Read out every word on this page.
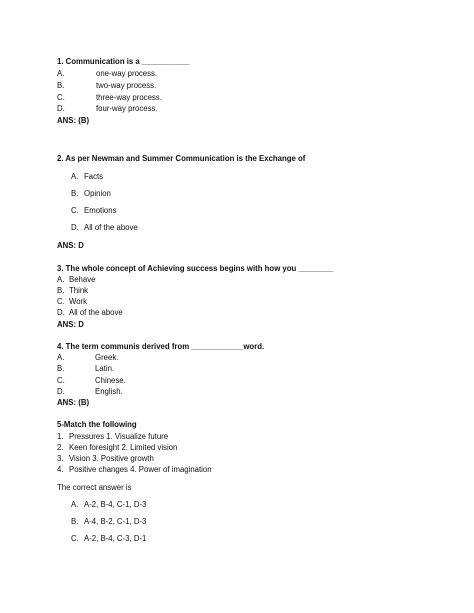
1. Communication is a ___________
A.	one-way process.
B.	two-way process.
C.	three-way process.
D.	four-way process.
ANS: (B)
2. As per Newman and Summer Communication is the Exchange of
A. Facts
B. Opinion
C. Emotions
D. All of the above
ANS: D
3. The whole concept of Achieving success begins with how you ________
A. Behave
B. Think
C. Work
D. All of the above
ANS: D
4. The term communis derived from ____________word.
A.	Greek.
B.	Latin.
C.	Chinese.
D.	English.
ANS: (B)
5-Match the following
1. Pressures 1. Visualize future
2. Keen foresight 2. Limited vision
3. Vision 3. Positive growth
4. Positive changes 4. Power of imagination
The correct answer is
A. A-2, B-4, C-1, D-3
B. A-4, B-2, C-1, D-3
C. A-2, B-4, C-3, D-1
